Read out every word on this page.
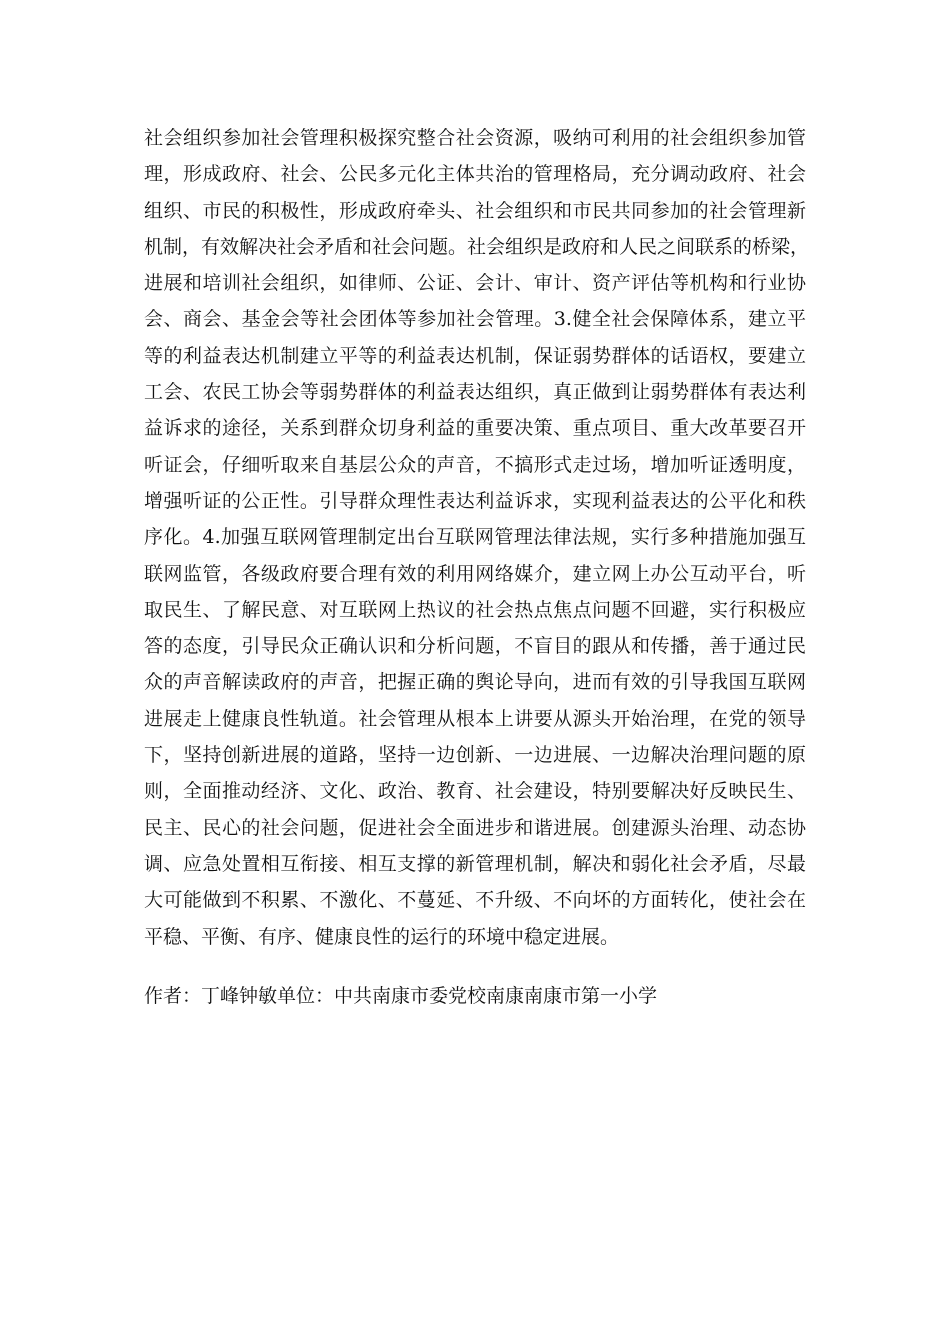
社会组织参加社会管理积极探究整合社会资源，吸纳可利用的社会组织参加管
理，形成政府、社会、公民多元化主体共治的管理格局，充分调动政府、社会
组织、市民的积极性，形成政府牵头、社会组织和市民共同参加的社会管理新
机制，有效解决社会矛盾和社会问题。社会组织是政府和人民之间联系的桥梁，
进展和培训社会组织，如律师、公证、会计、审计、资产评估等机构和行业协
会、商会、基金会等社会团体等参加社会管理。3.健全社会保障体系，建立平
等的利益表达机制建立平等的利益表达机制，保证弱势群体的话语权，要建立
工会、农民工协会等弱势群体的利益表达组织，真正做到让弱势群体有表达利
益诉求的途径，关系到群众切身利益的重要决策、重点项目、重大改革要召开
听证会，仔细听取来自基层公众的声音，不搞形式走过场，增加听证透明度，
增强听证的公正性。引导群众理性表达利益诉求，实现利益表达的公平化和秩
序化。4.加强互联网管理制定出台互联网管理法律法规，实行多种措施加强互
联网监管，各级政府要合理有效的利用网络媒介，建立网上办公互动平台，听
取民生、了解民意、对互联网上热议的社会热点焦点问题不回避，实行积极应
答的态度，引导民众正确认识和分析问题，不盲目的跟从和传播，善于通过民
众的声音解读政府的声音，把握正确的舆论导向，进而有效的引导我国互联网
进展走上健康良性轨道。社会管理从根本上讲要从源头开始治理，在党的领导
下，坚持创新进展的道路，坚持一边创新、一边进展、一边解决治理问题的原
则，全面推动经济、文化、政治、教育、社会建设，特别要解决好反映民生、
民主、民心的社会问题，促进社会全面进步和谐进展。创建源头治理、动态协
调、应急处置相互衔接、相互支撑的新管理机制，解决和弱化社会矛盾，尽最
大可能做到不积累、不激化、不蔓延、不升级、不向坏的方面转化，使社会在
平稳、平衡、有序、健康良性的运行的环境中稳定进展。

作者：丁峰钟敏单位：中共南康市委党校南康南康市第一小学
